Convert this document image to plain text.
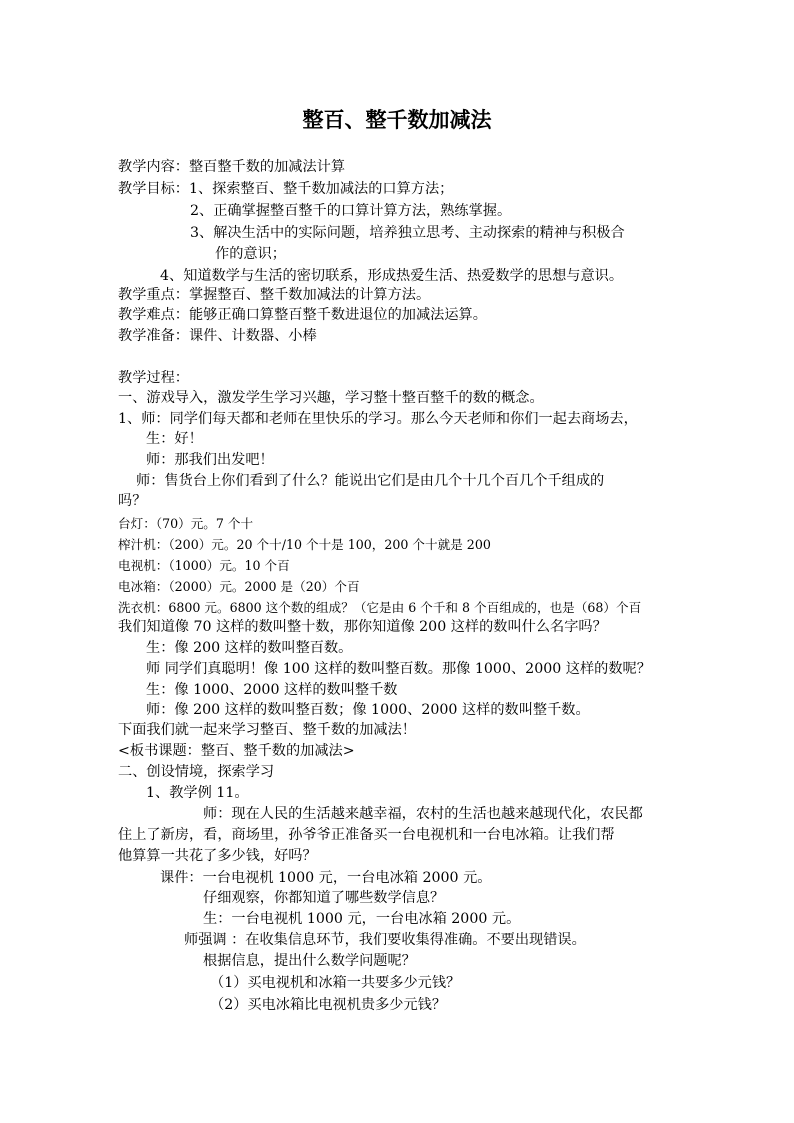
整百、整千数加减法
教学内容：整百整千数的加减法计算
教学目标：1、探索整百、整千数加减法的口算方法；
2、正确掌握整百整千的口算计算方法，熟练掌握。
3、解决生活中的实际问题，培养独立思考、主动探索的精神与积极合
作的意识；
4、知道数学与生活的密切联系，形成热爱生活、热爱数学的思想与意识。
教学重点：掌握整百、整千数加减法的计算方法。
教学难点：能够正确口算整百整千数进退位的加减法运算。
教学准备：课件、计数器、小棒
教学过程：
一、游戏导入，激发学生学习兴趣，学习整十整百整千的数的概念。
1、师：同学们每天都和老师在里快乐的学习。那么今天老师和你们一起去商场去，
生：好！
师：那我们出发吧！
师：售货台上你们看到了什么？能说出它们是由几个十几个百几个千组成的
吗？
台灯：（70）元。7 个十
榨汁机：（200）元。20 个十/10 个十是 100，200 个十就是 200
电视机：（1000）元。10 个百
电冰箱：（2000）元。2000 是（20）个百
洗衣机：6800 元。6800 这个数的组成？（它是由 6 个千和 8 个百组成的，也是（68）个百
我们知道像 70 这样的数叫整十数，那你知道像 200 这样的数叫什么名字吗？
生：像 200 这样的数叫整百数。
师 同学们真聪明！像 100 这样的数叫整百数。那像 1000、2000 这样的数呢？
生：像 1000、2000 这样的数叫整千数
师：像 200 这样的数叫整百数；像 1000、2000 这样的数叫整千数。
下面我们就一起来学习整百、整千数的加减法！
<板书课题：整百、整千数的加减法>
二、创设情境，探索学习
1、教学例 11。
师：现在人民的生活越来越幸福，农村的生活也越来越现代化，农民都
住上了新房，看，商场里，孙爷爷正准备买一台电视机和一台电冰箱。让我们帮
他算算一共花了多少钱，好吗？
课件：一台电视机 1000 元，一台电冰箱 2000 元。
仔细观察，你都知道了哪些数学信息？
生：一台电视机 1000 元，一台电冰箱 2000 元。
师强调 ：在收集信息环节，我们要收集得准确。不要出现错误。
根据信息，提出什么数学问题呢？
（1）买电视机和冰箱一共要多少元钱？
（2）买电冰箱比电视机贵多少元钱？
